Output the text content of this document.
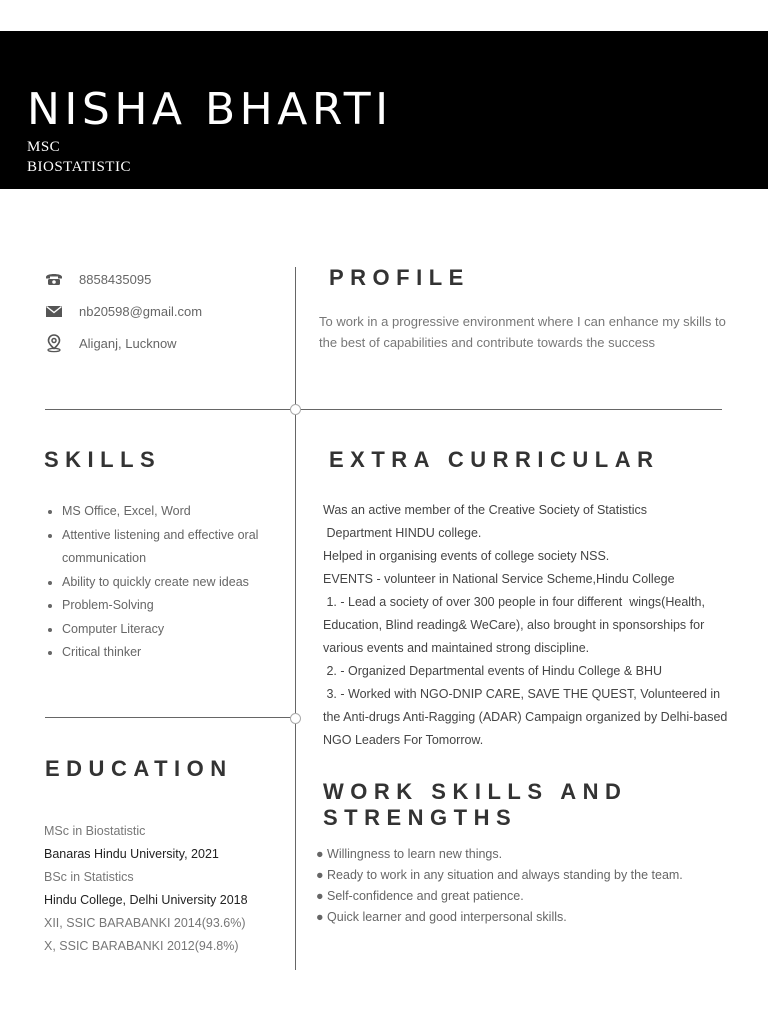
NISHA BHARTI
MSC
BIOSTATISTIC
8858435095
nb20598@gmail.com
Aliganj, Lucknow
PROFILE
To work in a progressive environment where I can enhance my skills to the best of capabilities and contribute towards the success
SKILLS
• MS Office, Excel, Word
• Attentive listening and effective oral communication
• Ability to quickly create new ideas
• Problem-Solving
• Computer Literacy
• Critical thinker
EXTRA CURRICULAR
Was an active member of the Creative Society of Statistics
Department HINDU college.
Helped in organising events of college society NSS.
EVENTS - volunteer in National Service Scheme,Hindu College
1. - Lead a society of over 300 people in four different  wings(Health,
Education, Blind reading& WeCare), also brought in sponsorships for
various events and maintained strong discipline.
2. - Organized Departmental events of Hindu College & BHU
3. - Worked with NGO-DNIP CARE, SAVE THE QUEST, Volunteered in
the Anti-drugs Anti-Ragging (ADAR) Campaign organized by Delhi-based
NGO Leaders For Tomorrow.
EDUCATION
MSc in Biostatistic
Banaras Hindu University, 2021
BSc in Statistics
Hindu College, Delhi University 2018
XII, SSIC BARABANKI 2014(93.6%)
X, SSIC BARABANKI 2012(94.8%)
WORK SKILLS AND
STRENGTHS
● Willingness to learn new things.
● Ready to work in any situation and always standing by the team.
● Self-confidence and great patience.
● Quick learner and good interpersonal skills.
